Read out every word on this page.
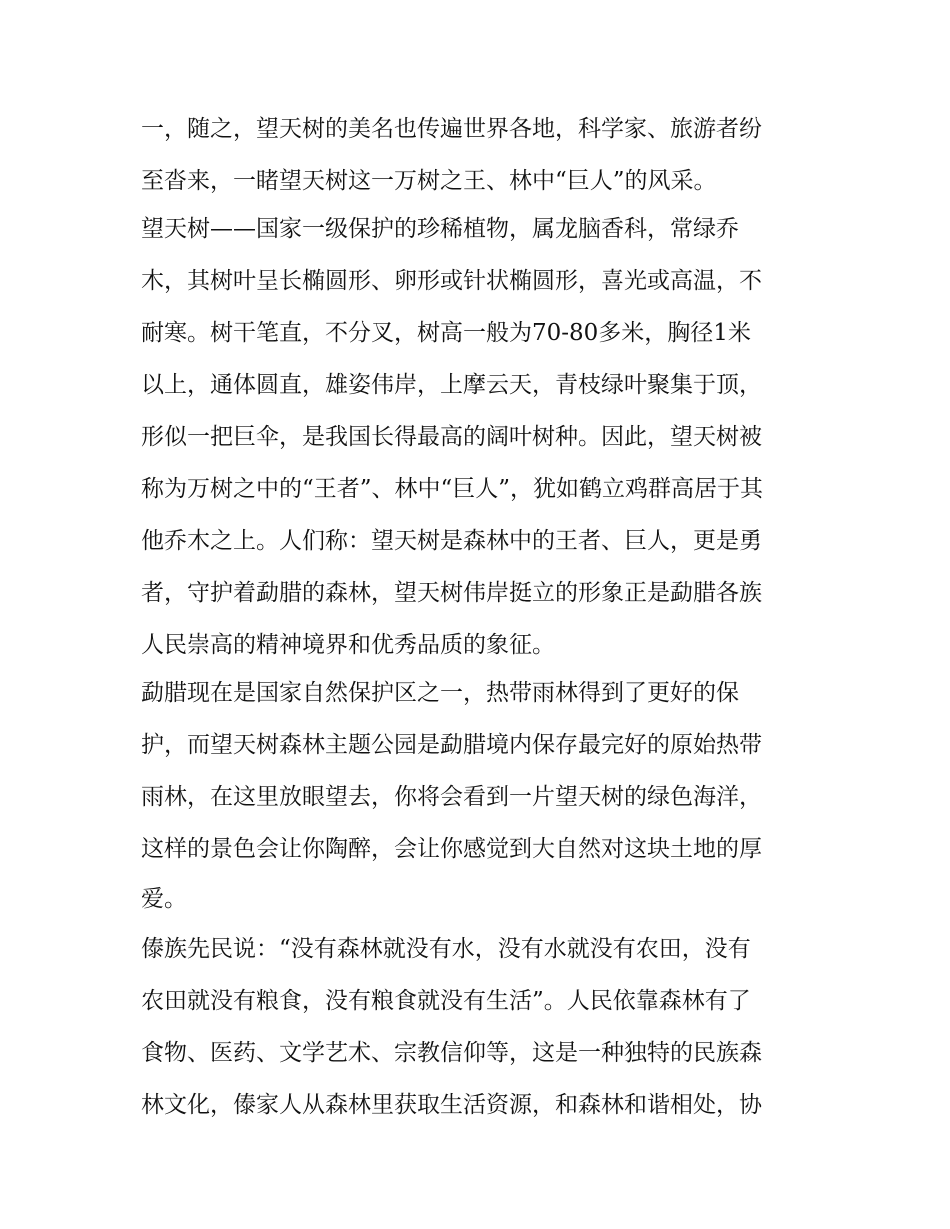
一，随之，望天树的美名也传遍世界各地，科学家、旅游者纷
至沓来，一睹望天树这一万树之王、林中“巨人”的风采。
望天树——国家一级保护的珍稀植物，属龙脑香科，常绿乔
木，其树叶呈长椭圆形、卵形或针状椭圆形，喜光或高温，不
耐寒。树干笔直，不分叉，树高一般为70-80多米，胸径1米
以上，通体圆直，雄姿伟岸，上摩云天，青枝绿叶聚集于顶，
形似一把巨伞，是我国长得最高的阔叶树种。因此，望天树被
称为万树之中的“王者”、林中“巨人”，犹如鹤立鸡群高居于其
他乔木之上。人们称：望天树是森林中的王者、巨人，更是勇
者，守护着勐腊的森林，望天树伟岸挺立的形象正是勐腊各族
人民崇高的精神境界和优秀品质的象征。
勐腊现在是国家自然保护区之一，热带雨林得到了更好的保
护，而望天树森林主题公园是勐腊境内保存最完好的原始热带
雨林，在这里放眼望去，你将会看到一片望天树的绿色海洋，
这样的景色会让你陶醉，会让你感觉到大自然对这块土地的厚
爱。
傣族先民说：“没有森林就没有水，没有水就没有农田，没有
农田就没有粮食，没有粮食就没有生活”。人民依靠森林有了
食物、医药、文学艺术、宗教信仰等，这是一种独特的民族森
林文化，傣家人从森林里获取生活资源，和森林和谐相处，协
